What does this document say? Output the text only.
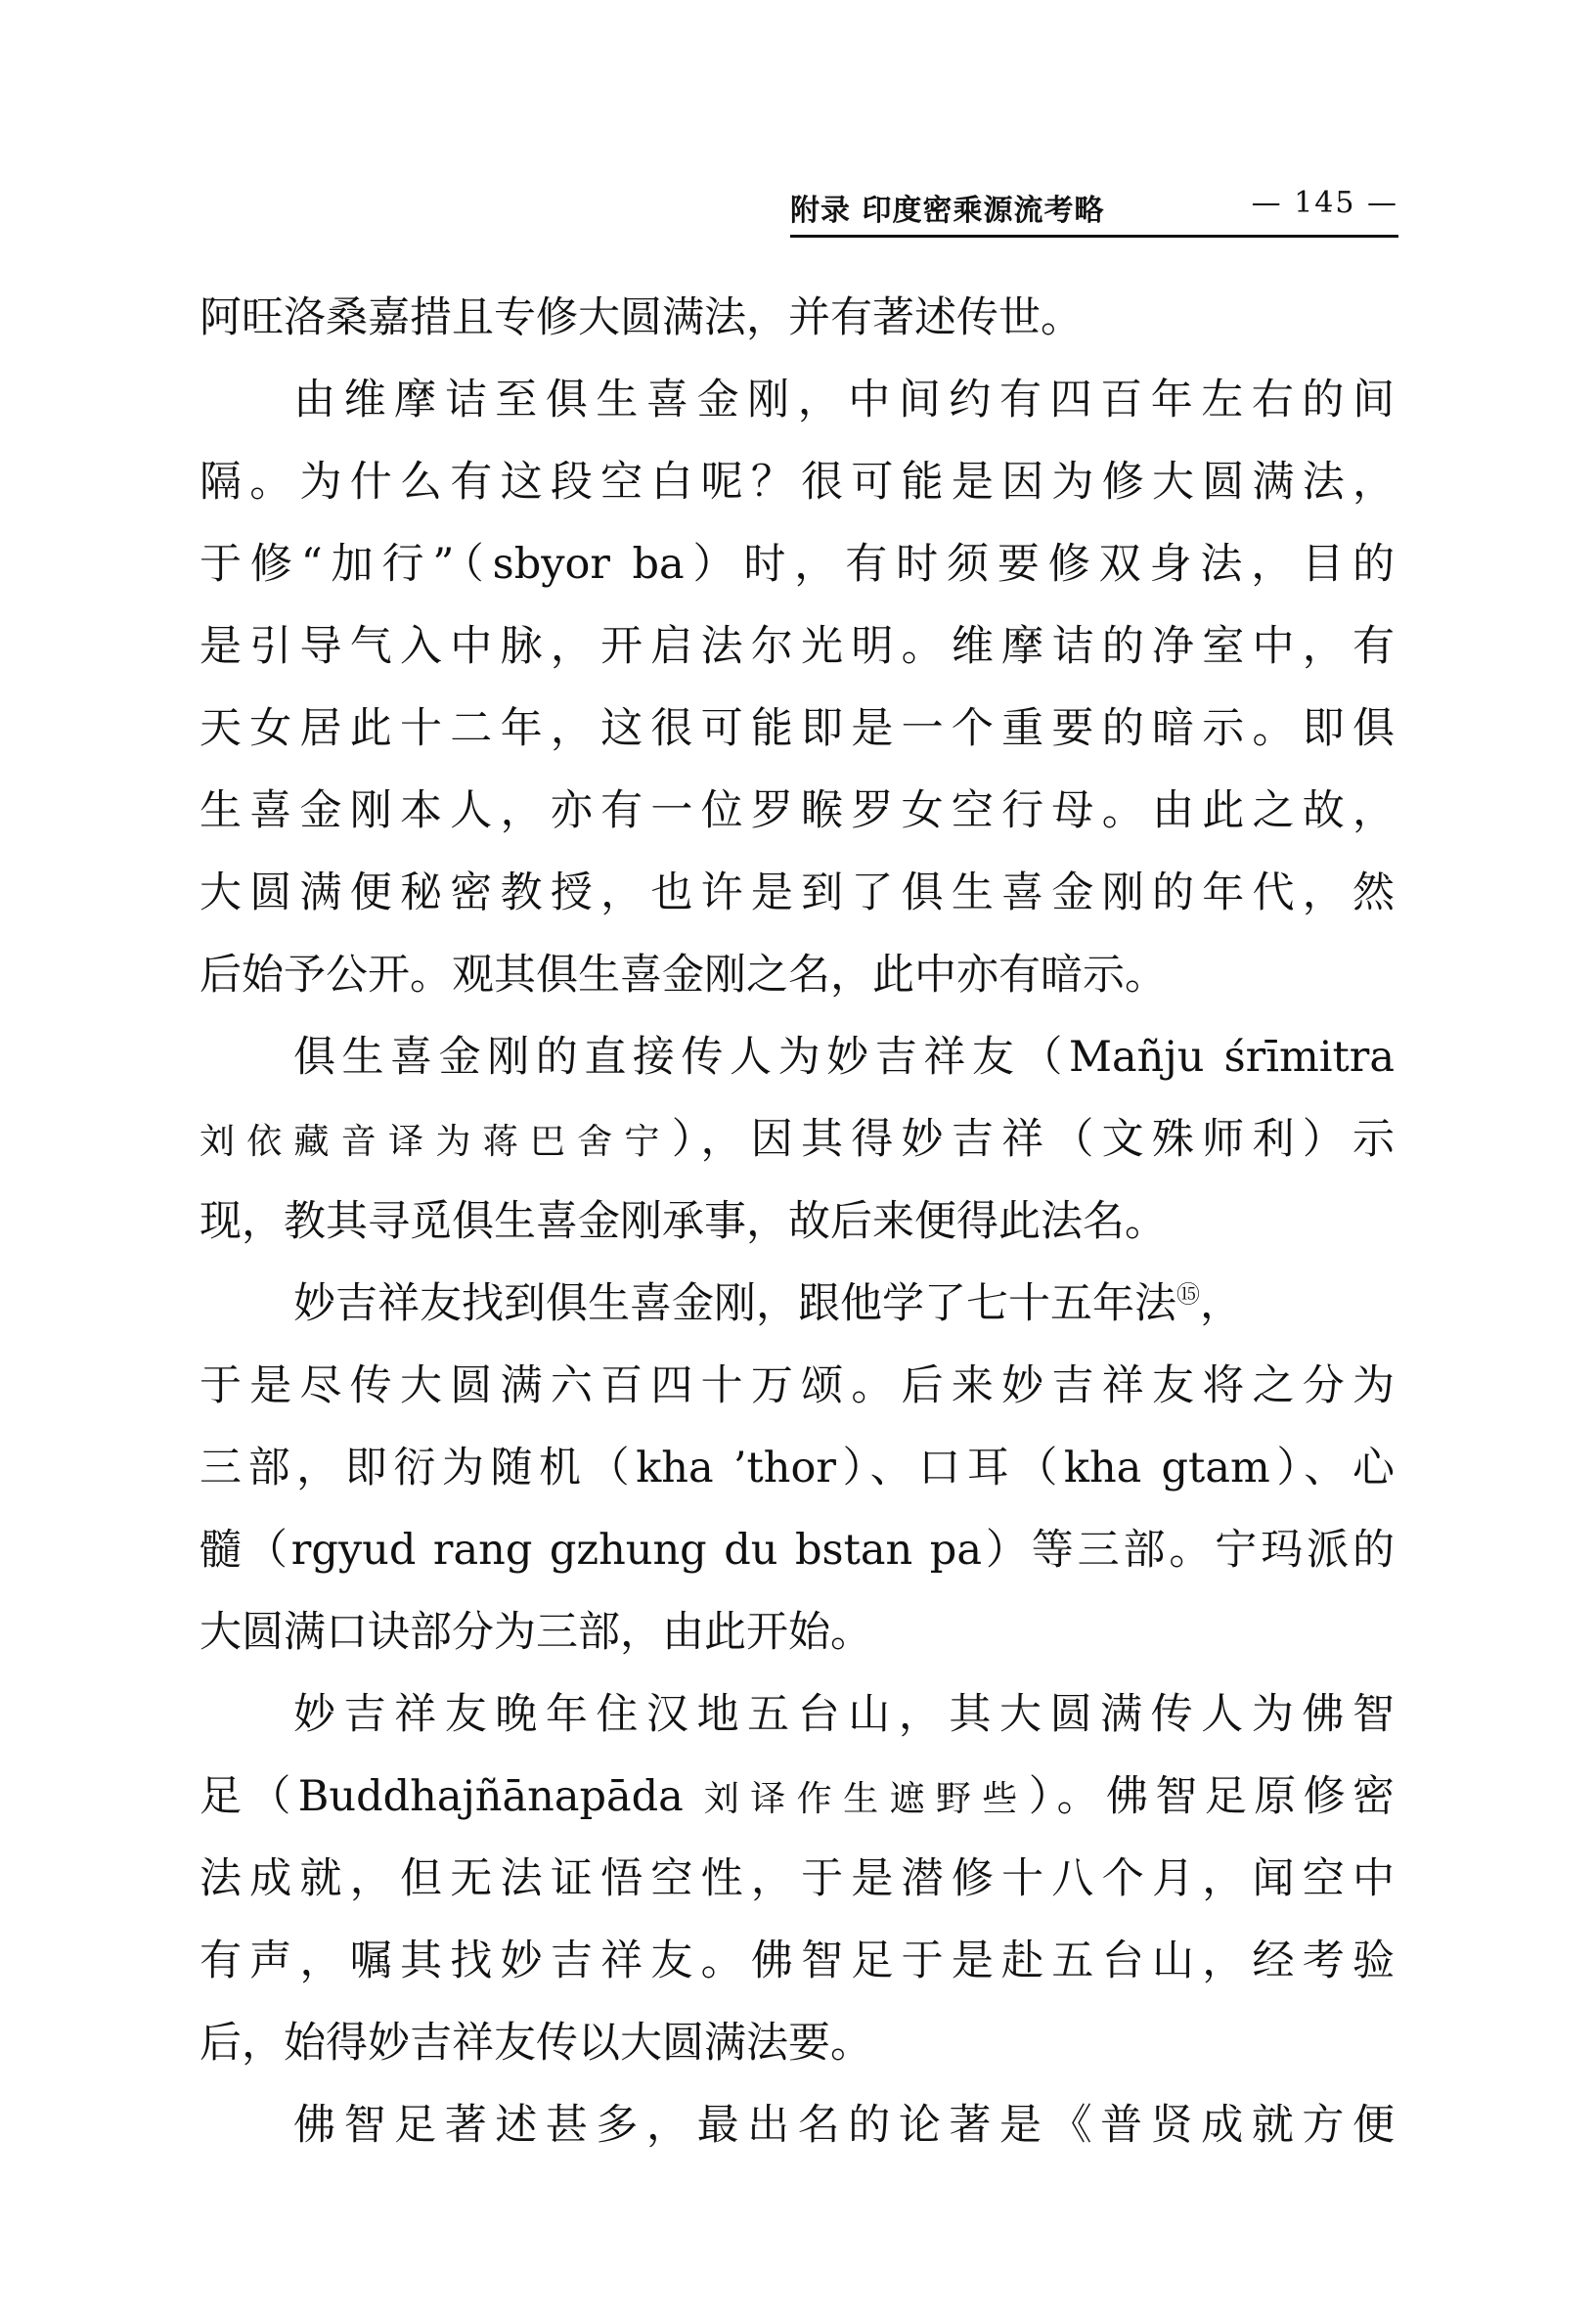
附录 印度密乘源流考略	— 145 —
阿旺洛桑嘉措且专修大圆满法，并有著述传世。
由维摩诘至俱生喜金刚，中间约有四百年左右的间
隔。为什么有这段空白呢？很可能是因为修大圆满法，
于修“加行”（sbyor ba）时，有时须要修双身法，目的
是引导气入中脉，开启法尔光明。维摩诘的净室中，有
天女居此十二年，这很可能即是一个重要的暗示。即俱
生喜金刚本人，亦有一位罗睺罗女空行母。由此之故，
大圆满便秘密教授，也许是到了俱生喜金刚的年代，然
后始予公开。观其俱生喜金刚之名，此中亦有暗示。
俱生喜金刚的直接传人为妙吉祥友（Mañju śrīmitra
刘依藏音译为蒋巴舍宁），因其得妙吉祥（文殊师利）示
现，教其寻觅俱生喜金刚承事，故后来便得此法名。
妙吉祥友找到俱生喜金刚，跟他学了七十五年法⑮，
于是尽传大圆满六百四十万颂。后来妙吉祥友将之分为
三部，即衍为随机（kha ’thor）、口耳（kha gtam）、心
髓（rgyud rang gzhung du bstan pa）等三部。宁玛派的
大圆满口诀部分为三部，由此开始。
妙吉祥友晚年住汉地五台山，其大圆满传人为佛智
足（Buddhajñānapāda 刘译作生遮野些）。佛智足原修密
法成就，但无法证悟空性，于是潜修十八个月，闻空中
有声，嘱其找妙吉祥友。佛智足于是赴五台山，经考验
后，始得妙吉祥友传以大圆满法要。
佛智足著述甚多，最出名的论著是《普贤成就方便
